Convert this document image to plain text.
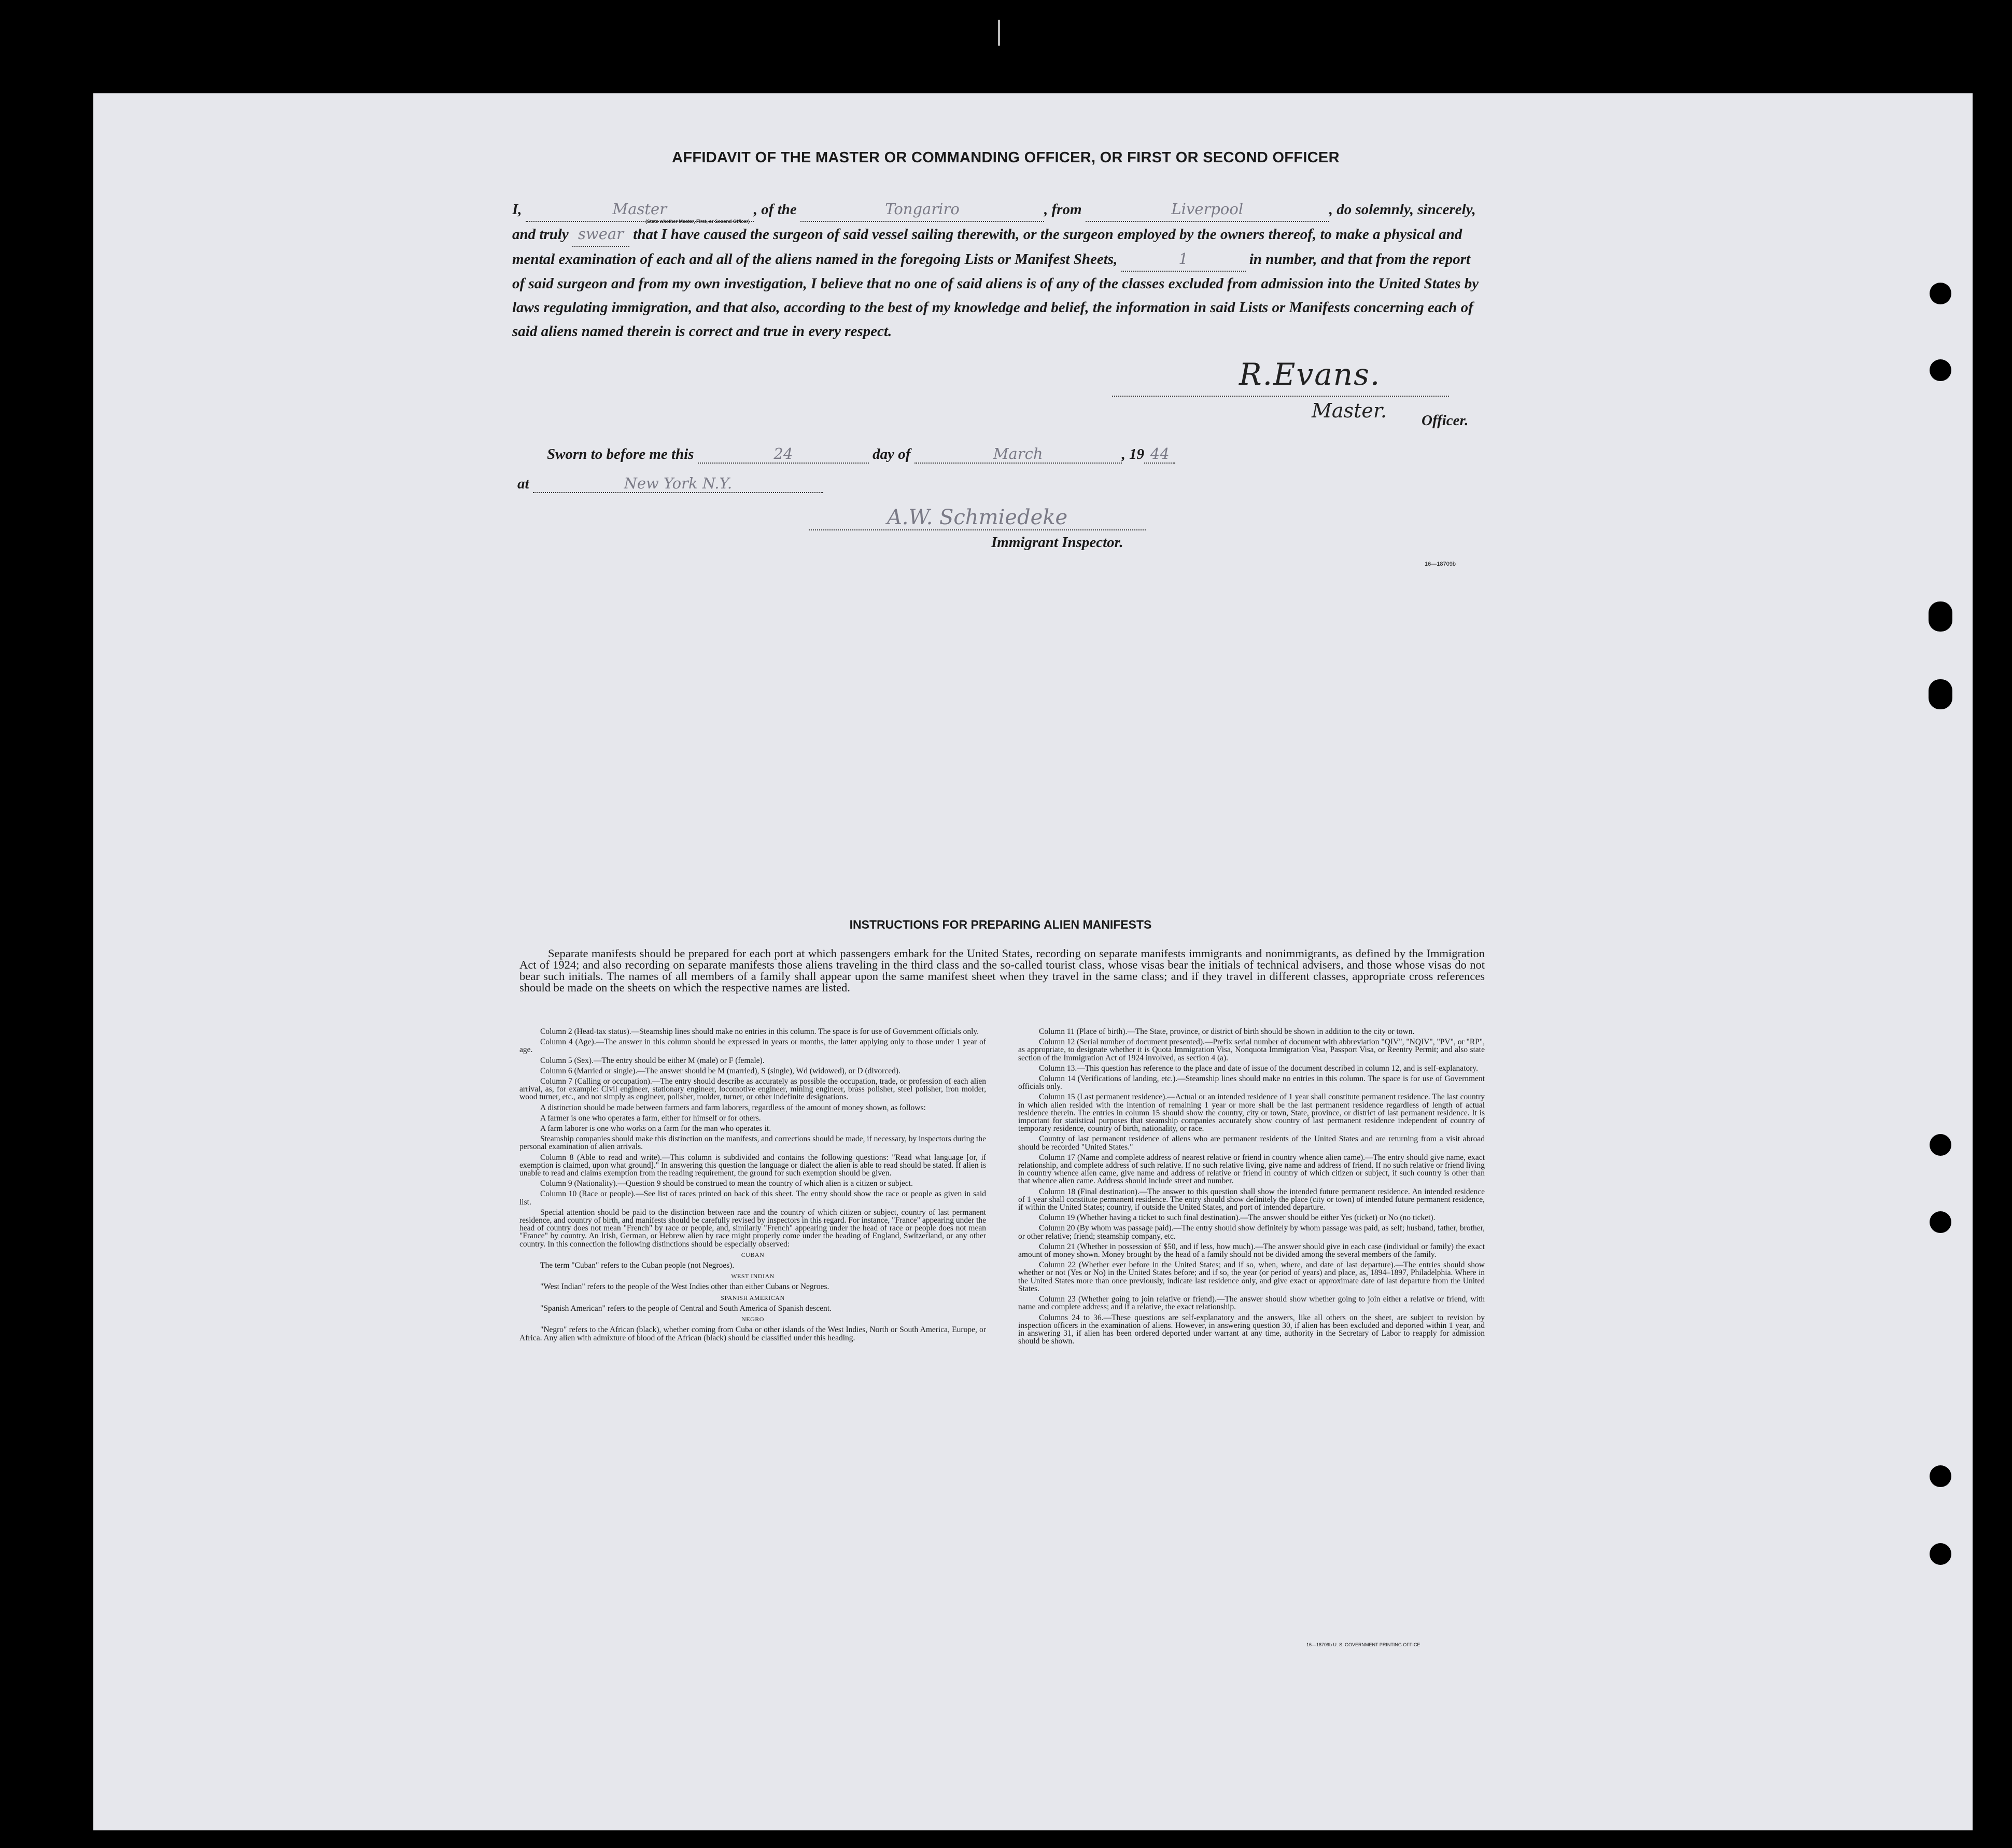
AFFIDAVIT OF THE MASTER OR COMMANDING OFFICER, OR FIRST OR SECOND OFFICER
I,	Master	, of the	Tongariro	, from	Liverpool	, do solemnly, sincerely, and truly swear that I have caused the surgeon of said vessel sailing therewith, or the surgeon employed by the owners thereof, to make a physical and mental examination of each and all of the aliens named in the foregoing Lists or Manifest Sheets,	1	in number, and that from the report of said surgeon and from my own investigation, I believe that no one of said aliens is of any of the classes excluded from admission into the United States by laws regulating immigration, and that also, according to the best of my knowledge and belief, the information in said Lists or Manifests concerning each of said aliens named therein is correct and true in every respect.
(State whether Master, First, or Second Officer)
R.Evans.
Master. Officer.
Sworn to before me this	24	day of	March	, 19 44
at	New York N.Y.
A.W. Schmiedeke
Immigrant Inspector.
16—18709b
INSTRUCTIONS FOR PREPARING ALIEN MANIFESTS
Separate manifests should be prepared for each port at which passengers embark for the United States, recording on separate manifests immigrants and nonimmigrants, as defined by the Immigration Act of 1924; and also recording on separate manifests those aliens traveling in the third class and the so-called tourist class, whose visas bear the initials of technical advisers, and those whose visas do not bear such initials. The names of all members of a family shall appear upon the same manifest sheet when they travel in the same class; and if they travel in different classes, appropriate cross references should be made on the sheets on which the respective names are listed.

Column 2 (Head-tax status).—Steamship lines should make no entries in this column. The space is for use of Government officials only.

Column 4 (Age).—The answer in this column should be expressed in years or months, the latter applying only to those under 1 year of age.

Column 5 (Sex).—The entry should be either M (male) or F (female).

Column 6 (Married or single).—The answer should be M (married), S (single), Wd (widowed), or D (divorced).

Column 7 (Calling or occupation).—The entry should describe as accurately as possible the occupation, trade, or profession of each alien arrival, as, for example: Civil engineer, stationary engineer, locomotive engineer, mining engineer, brass polisher, steel polisher, iron molder, wood turner, etc., and not simply as engineer, polisher, molder, turner, or other indefinite designations.

A distinction should be made between farmers and farm laborers, regardless of the amount of money shown, as follows:

A farmer is one who operates a farm, either for himself or for others.

A farm laborer is one who works on a farm for the man who operates it.

Steamship companies should make this distinction on the manifests, and corrections should be made, if necessary, by inspectors during the personal examination of alien arrivals.

Column 8 (Able to read and write).—This column is subdivided and contains the following questions: "Read what language [or, if exemption is claimed, upon what ground]." In answering this question the language or dialect the alien is able to read should be stated. If alien is unable to read and claims exemption from the reading requirement, the ground for such exemption should be given.

Column 9 (Nationality).—Question 9 should be construed to mean the country of which alien is a citizen or subject.

Column 10 (Race or people).—See list of races printed on back of this sheet. The entry should show the race or people as given in said list.

Special attention should be paid to the distinction between race and the country of which citizen or subject, country of last permanent residence, and country of birth, and manifests should be carefully revised by inspectors in this regard. For instance, "France" appearing under the head of country does not mean "French" by race or people, and, similarly "French" appearing under the head of race or people does not mean "France" by country. An Irish, German, or Hebrew alien by race might properly come under the heading of England, Switzerland, or any other country. In this connection the following distinctions should be especially observed:

CUBAN

The term "Cuban" refers to the Cuban people (not Negroes).

WEST INDIAN

"West Indian" refers to the people of the West Indies other than either Cubans or Negroes.

SPANISH AMERICAN

"Spanish American" refers to the people of Central and South America of Spanish descent.

NEGRO

"Negro" refers to the African (black), whether coming from Cuba or other islands of the West Indies, North or South America, Europe, or Africa. Any alien with admixture of blood of the African (black) should be classified under this heading.

Column 11 (Place of birth).—The State, province, or district of birth should be shown in addition to the city or town.

Column 12 (Serial number of document presented).—Prefix serial number of document with abbreviation "QIV", "NQIV", "PV", or "RP", as appropriate, to designate whether it is Quota Immigration Visa, Nonquota Immigration Visa, Passport Visa, or Reentry Permit; and also state section of the Immigration Act of 1924 involved, as section 4 (a).

Column 13.—This question has reference to the place and date of issue of the document described in column 12, and is self-explanatory.

Column 14 (Verifications of landing, etc.).—Steamship lines should make no entries in this column. The space is for use of Government officials only.

Column 15 (Last permanent residence).—Actual or an intended residence of 1 year shall constitute permanent residence. The last country in which alien resided with the intention of remaining 1 year or more shall be the last permanent residence regardless of length of actual residence therein. The entries in column 15 should show the country, city or town, State, province, or district of last permanent residence. It is important for statistical purposes that steamship companies accurately show country of last permanent residence independent of country of temporary residence, country of birth, nationality, or race.

Country of last permanent residence of aliens who are permanent residents of the United States and are returning from a visit abroad should be recorded "United States."

Column 17 (Name and complete address of nearest relative or friend in country whence alien came).—The entry should give name, exact relationship, and complete address of such relative. If no such relative living, give name and address of friend. If no such relative or friend living in country whence alien came, give name and address of relative or friend in country of which citizen or subject, if such country is other than that whence alien came. Address should include street and number.

Column 18 (Final destination).—The answer to this question shall show the intended future permanent residence. An intended residence of 1 year shall constitute permanent residence. The entry should show definitely the place (city or town) of intended future permanent residence, if within the United States; country, if outside the United States, and port of intended departure.

Column 19 (Whether having a ticket to such final destination).—The answer should be either Yes (ticket) or No (no ticket).

Column 20 (By whom was passage paid).—The entry should show definitely by whom passage was paid, as self; husband, father, brother, or other relative; friend; steamship company, etc.

Column 21 (Whether in possession of $50, and if less, how much).—The answer should give in each case (individual or family) the exact amount of money shown. Money brought by the head of a family should not be divided among the several members of the family.

Column 22 (Whether ever before in the United States; and if so, when, where, and date of last departure).—The entries should show whether or not (Yes or No) in the United States before; and if so, the year (or period of years) and place, as, 1894–1897, Philadelphia. Where in the United States more than once previously, indicate last residence only, and give exact or approximate date of last departure from the United States.

Column 23 (Whether going to join relative or friend).—The answer should show whether going to join either a relative or friend, with name and complete address; and if a relative, the exact relationship.

Columns 24 to 36.—These questions are self-explanatory and the answers, like all others on the sheet, are subject to revision by inspection officers in the examination of aliens. However, in answering question 30, if alien has been excluded and deported within 1 year, and in answering 31, if alien has been ordered deported under warrant at any time, authority in the Secretary of Labor to reapply for admission should be shown.

16—18709b U. S. GOVERNMENT PRINTING OFFICE
